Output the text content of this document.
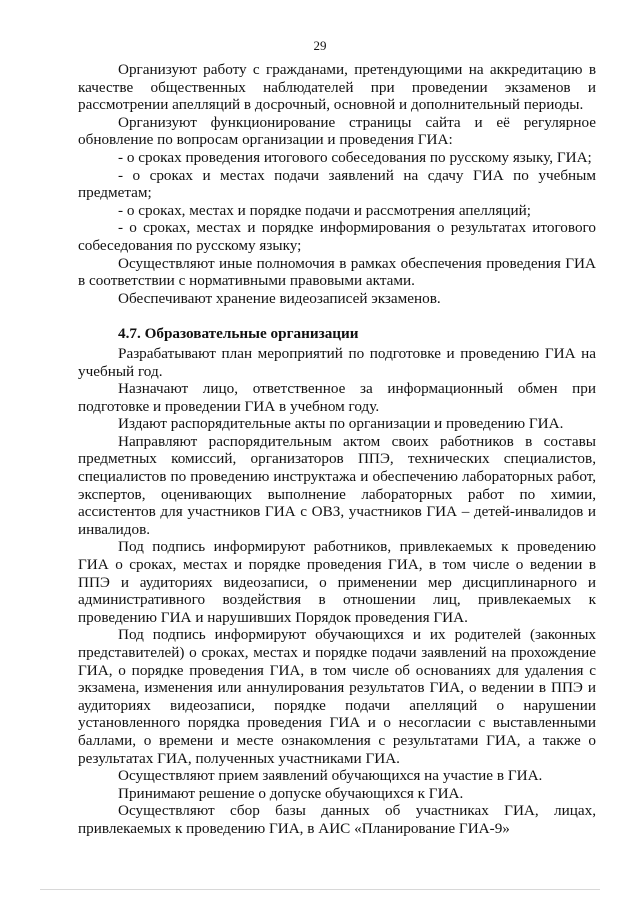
29

Организуют работу с гражданами, претендующими на аккредитацию в качестве общественных наблюдателей при проведении экзаменов и рассмотрении апелляций в досрочный, основной и дополнительный периоды.

Организуют функционирование страницы сайта и её регулярное обновление по вопросам организации и проведения ГИА:

- о сроках проведения итогового собеседования по русскому языку, ГИА;

- о сроках и местах подачи заявлений на сдачу ГИА по учебным предметам;

- о сроках, местах и порядке подачи и рассмотрения апелляций;

- о сроках, местах и порядке информирования о результатах итогового собеседования по русскому языку;

Осуществляют иные полномочия в рамках обеспечения проведения ГИА в соответствии с нормативными правовыми актами.

Обеспечивают хранение видеозаписей экзаменов.

4.7. Образовательные организации

Разрабатывают план мероприятий по подготовке и проведению ГИА на учебный год.

Назначают лицо, ответственное за информационный обмен при подготовке и проведении ГИА в учебном году.

Издают распорядительные акты по организации и проведению ГИА.

Направляют распорядительным актом своих работников в составы предметных комиссий, организаторов ППЭ, технических специалистов, специалистов по проведению инструктажа и обеспечению лабораторных работ, экспертов, оценивающих выполнение лабораторных работ по химии, ассистентов для участников ГИА с ОВЗ, участников ГИА – детей-инвалидов и инвалидов.

Под подпись информируют работников, привлекаемых к проведению ГИА о сроках, местах и порядке проведения ГИА, в том числе о ведении в ППЭ и аудиториях видеозаписи, о применении мер дисциплинарного и административного воздействия в отношении лиц, привлекаемых к проведению ГИА и нарушивших Порядок проведения ГИА.

Под подпись информируют обучающихся и их родителей (законных представителей) о сроках, местах и порядке подачи заявлений на прохождение ГИА, о порядке проведения ГИА, в том числе об основаниях для удаления с экзамена, изменения или аннулирования результатов ГИА, о ведении в ППЭ и аудиториях видеозаписи, порядке подачи апелляций о нарушении установленного порядка проведения ГИА и о несогласии с выставленными баллами, о времени и месте ознакомления с результатами ГИА, а также о результатах ГИА, полученных участниками ГИА.

Осуществляют прием заявлений обучающихся на участие в ГИА.

Принимают решение о допуске обучающихся к ГИА.

Осуществляют сбор базы данных об участниках ГИА, лицах, привлекаемых к проведению ГИА, в АИС «Планирование ГИА-9»
